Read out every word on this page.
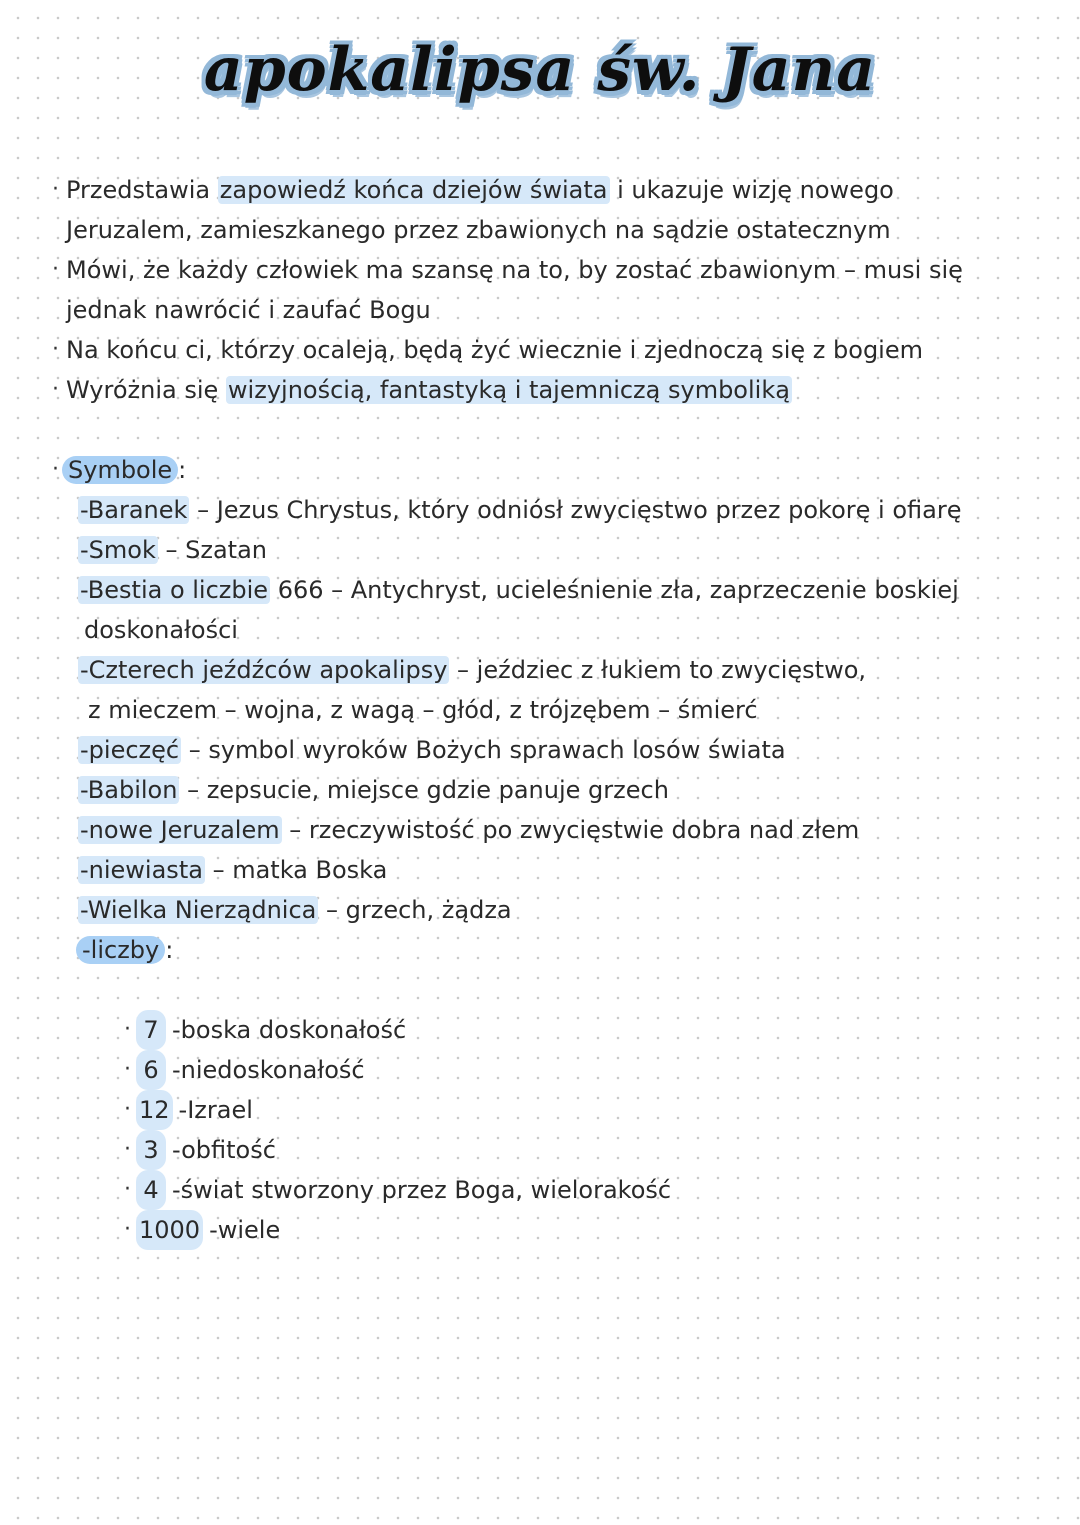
apokalipsa św. Jana
· Przedstawia zapowiedź końca dziejów świata i ukazuje wizję nowego
Jeruzalem, zamieszkanego przez zbawionych na sądzie ostatecznym
· Mówi, że każdy człowiek ma szansę na to, by zostać zbawionym – musi się
jednak nawrócić i zaufać Bogu
· Na końcu ci, którzy ocaleją, będą żyć wiecznie i zjednoczą się z bogiem
· Wyróżnia się wizyjnością, fantastyką i tajemniczą symboliką
· Symbole :
-Baranek – Jezus Chrystus, który odniósł zwycięstwo przez pokorę i ofiarę
-Smok – Szatan
-Bestia o liczbie 666 – Antychryst, ucieleśnienie zła, zaprzeczenie boskiej
doskonałości
-Czterech jeźdźców apokalipsy – jeździec z łukiem to zwycięstwo,
z mieczem – wojna, z wagą – głód, z trójzębem – śmierć
-pieczęć – symbol wyroków Bożych sprawach losów świata
-Babilon – zepsucie, miejsce gdzie panuje grzech
-nowe Jeruzalem – rzeczywistość po zwycięstwie dobra nad złem
-niewiasta – matka Boska
-Wielka Nierządnica – grzech, żądza
-liczby :
· 7 -boska doskonałość
· 6 -niedoskonałość
· 12 -Izrael
· 3 -obfitość
· 4 -świat stworzony przez Boga, wielorakość
· 1000 -wiele
